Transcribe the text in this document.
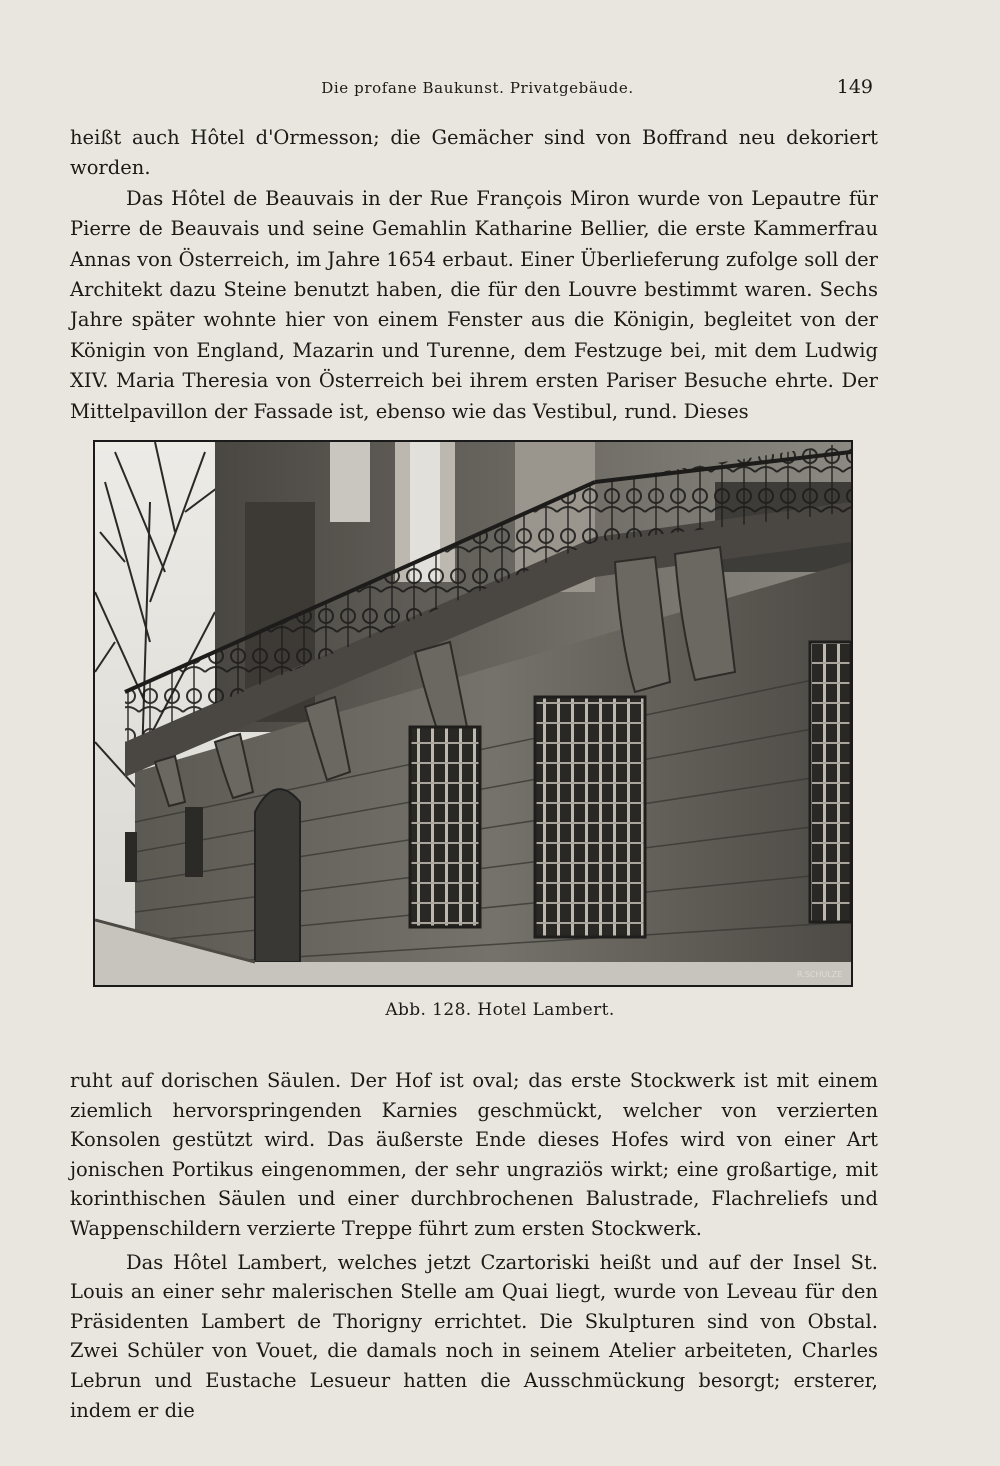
Die profane Baukunst. Privatgebäude.	149

heißt auch Hôtel d'Ormesson; die Gemächer sind von Boffrand neu dekoriert worden.

Das Hôtel de Beauvais in der Rue François Miron wurde von Lepautre für Pierre de Beauvais und seine Gemahlin Katharine Bellier, die erste Kammerfrau Annas von Österreich, im Jahre 1654 erbaut. Einer Überlieferung zufolge soll der Architekt dazu Steine benutzt haben, die für den Louvre bestimmt waren. Sechs Jahre später wohnte hier von einem Fenster aus die Königin, begleitet von der Königin von England, Mazarin und Turenne, dem Festzuge bei, mit dem Ludwig XIV. Maria Theresia von Österreich bei ihrem ersten Pariser Besuche ehrte. Der Mittelpavillon der Fassade ist, ebenso wie das Vestibul, rund. Dieses

R.SCHULZE
Abb. 128. Hotel Lambert.

ruht auf dorischen Säulen. Der Hof ist oval; das erste Stockwerk ist mit einem ziemlich hervorspringenden Karnies geschmückt, welcher von verzierten Konsolen gestützt wird. Das äußerste Ende dieses Hofes wird von einer Art jonischen Portikus eingenommen, der sehr ungraziös wirkt; eine großartige, mit korinthischen Säulen und einer durchbrochenen Balustrade, Flachreliefs und Wappenschildern verzierte Treppe führt zum ersten Stockwerk.

Das Hôtel Lambert, welches jetzt Czartoriski heißt und auf der Insel St. Louis an einer sehr malerischen Stelle am Quai liegt, wurde von Leveau für den Präsidenten Lambert de Thorigny errichtet. Die Skulpturen sind von Obstal. Zwei Schüler von Vouet, die damals noch in seinem Atelier arbeiteten, Charles Lebrun und Eustache Lesueur hatten die Ausschmückung besorgt; ersterer, indem er die
